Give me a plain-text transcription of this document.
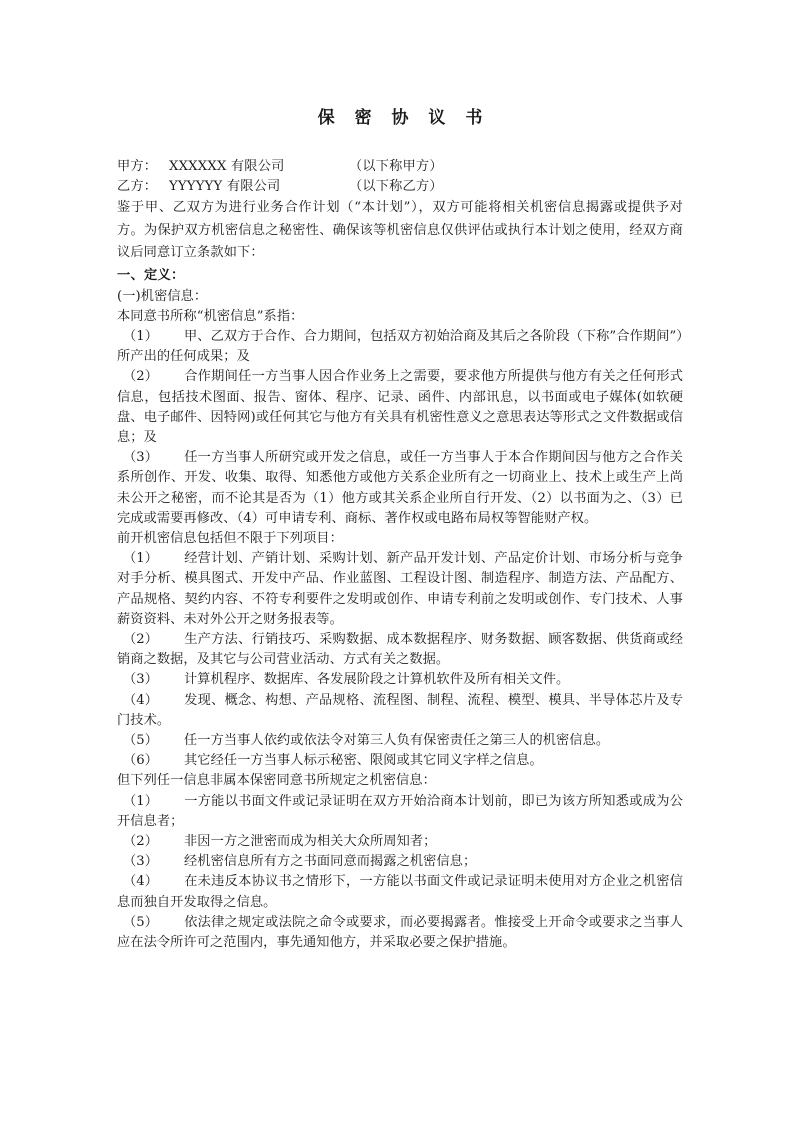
保 密 协 议 书
甲方： XXXXXX 有限公司	（以下称甲方）
乙方： YYYYYY 有限公司	（以下称乙方）

鉴于甲、乙双方为进行业务合作计划（“本计划”），双方可能将相关机密信息揭露或提供予对方。为保护双方机密信息之秘密性、确保该等机密信息仅供评估或执行本计划之使用，经双方商议后同意订立条款如下：

一、定义：

(一)机密信息：

本同意书所称“机密信息”系指：

（1） 甲、乙双方于合作、合力期间，包括双方初始洽商及其后之各阶段（下称”合作期间”）所产出的任何成果；及

（2） 合作期间任一方当事人因合作业务上之需要，要求他方所提供与他方有关之任何形式信息，包括技术图面、报告、窗体、程序、记录、函件、内部讯息，以书面或电子媒体(如软硬盘、电子邮件、因特网)或任何其它与他方有关具有机密性意义之意思表达等形式之文件数据或信息；及

（3） 任一方当事人所研究或开发之信息，或任一方当事人于本合作期间因与他方之合作关系所创作、开发、收集、取得、知悉他方或他方关系企业所有之一切商业上、技术上或生产上尚未公开之秘密，而不论其是否为（1）他方或其关系企业所自行开发、（2）以书面为之、（3）已完成或需要再修改、（4）可申请专利、商标、著作权或电路布局权等智能财产权。

前开机密信息包括但不限于下列项目：

（1） 经营计划、产销计划、采购计划、新产品开发计划、产品定价计划、市场分析与竞争对手分析、模具图式、开发中产品、作业蓝图、工程设计图、制造程序、制造方法、产品配方、产品规格、契约内容、不符专利要件之发明或创作、申请专利前之发明或创作、专门技术、人事薪资资料、未对外公开之财务报表等。

（2） 生产方法、行销技巧、采购数据、成本数据程序、财务数据、顾客数据、供货商或经销商之数据，及其它与公司营业活动、方式有关之数据。

（3） 计算机程序、数据库、各发展阶段之计算机软件及所有相关文件。

（4） 发现、概念、构想、产品规格、流程图、制程、流程、模型、模具、半导体芯片及专门技术。

（5） 任一方当事人依约或依法令对第三人负有保密责任之第三人的机密信息。

（6） 其它经任一方当事人标示秘密、限阅或其它同义字样之信息。

但下列任一信息非属本保密同意书所规定之机密信息：

（1） 一方能以书面文件或记录证明在双方开始洽商本计划前，即已为该方所知悉或成为公开信息者；

（2） 非因一方之泄密而成为相关大众所周知者；

（3） 经机密信息所有方之书面同意而揭露之机密信息；

（4） 在未违反本协议书之情形下，一方能以书面文件或记录证明未使用对方企业之机密信息而独自开发取得之信息。

（5） 依法律之规定或法院之命令或要求，而必要揭露者。惟接受上开命令或要求之当事人应在法令所许可之范围内，事先通知他方，并采取必要之保护措施。
